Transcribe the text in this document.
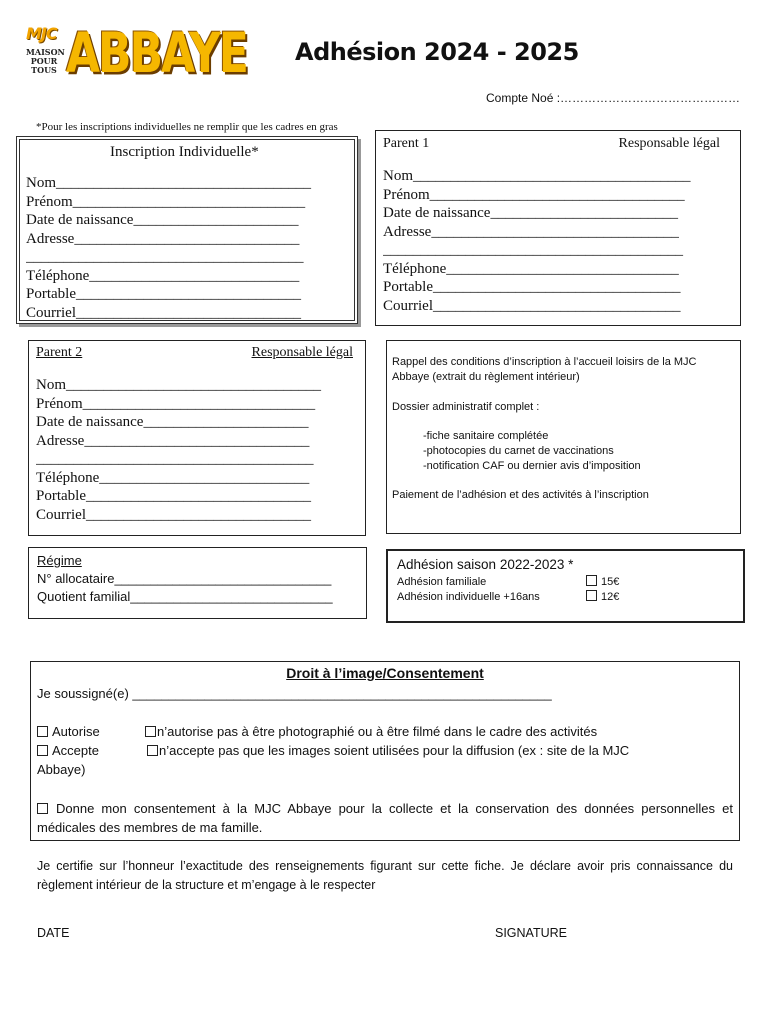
MJC
MAISON POUR TOUS ABBAYE Adhésion 2024 - 2025
Compte Noé :………………………………………
*Pour les inscriptions individuelles ne remplir que les cadres en gras
Inscription Individuelle*
Nom__________________________________
Prénom_______________________________
Date de naissance______________________
Adresse______________________________
_____________________________________
Téléphone____________________________
Portable______________________________
Courriel______________________________
Parent 1	Responsable légal
Nom_____________________________________
Prénom__________________________________
Date de naissance_________________________
Adresse_________________________________
________________________________________
Téléphone_______________________________
Portable_________________________________
Courriel_________________________________
Parent 2	Responsable légal
Nom__________________________________
Prénom_______________________________
Date de naissance______________________
Adresse______________________________
_____________________________________
Téléphone____________________________
Portable______________________________
Courriel______________________________
Rappel des conditions d’inscription à l’accueil loisirs de la MJC
Abbaye (extrait du règlement intérieur)
Dossier administratif complet :
-fiche sanitaire complétée
-photocopies du carnet de vaccinations
-notification CAF ou dernier avis d’imposition
Paiement de l’adhésion et des activités à l’inscription
Régime
N° allocataire______________________________
Quotient familial____________________________
Adhésion saison 2022-2023 *
Adhésion familiale	15€
Adhésion individuelle +16ans	12€
Droit à l’image/Consentement
Je soussigné(e) __________________________________________________________
Autorise	n’autorise pas à être photographié ou à être filmé dans le cadre des activités
Accepte	n’accepte pas que les images soient utilisées pour la diffusion (ex : site de la MJC
Abbaye)
Donne mon consentement à la MJC Abbaye pour la collecte et la conservation des données personnelles et médicales des membres de ma famille.
Je certifie sur l’honneur l’exactitude des renseignements figurant sur cette fiche. Je déclare avoir pris connaissance du règlement intérieur de la structure et m’engage à le respecter
DATE	SIGNATURE
